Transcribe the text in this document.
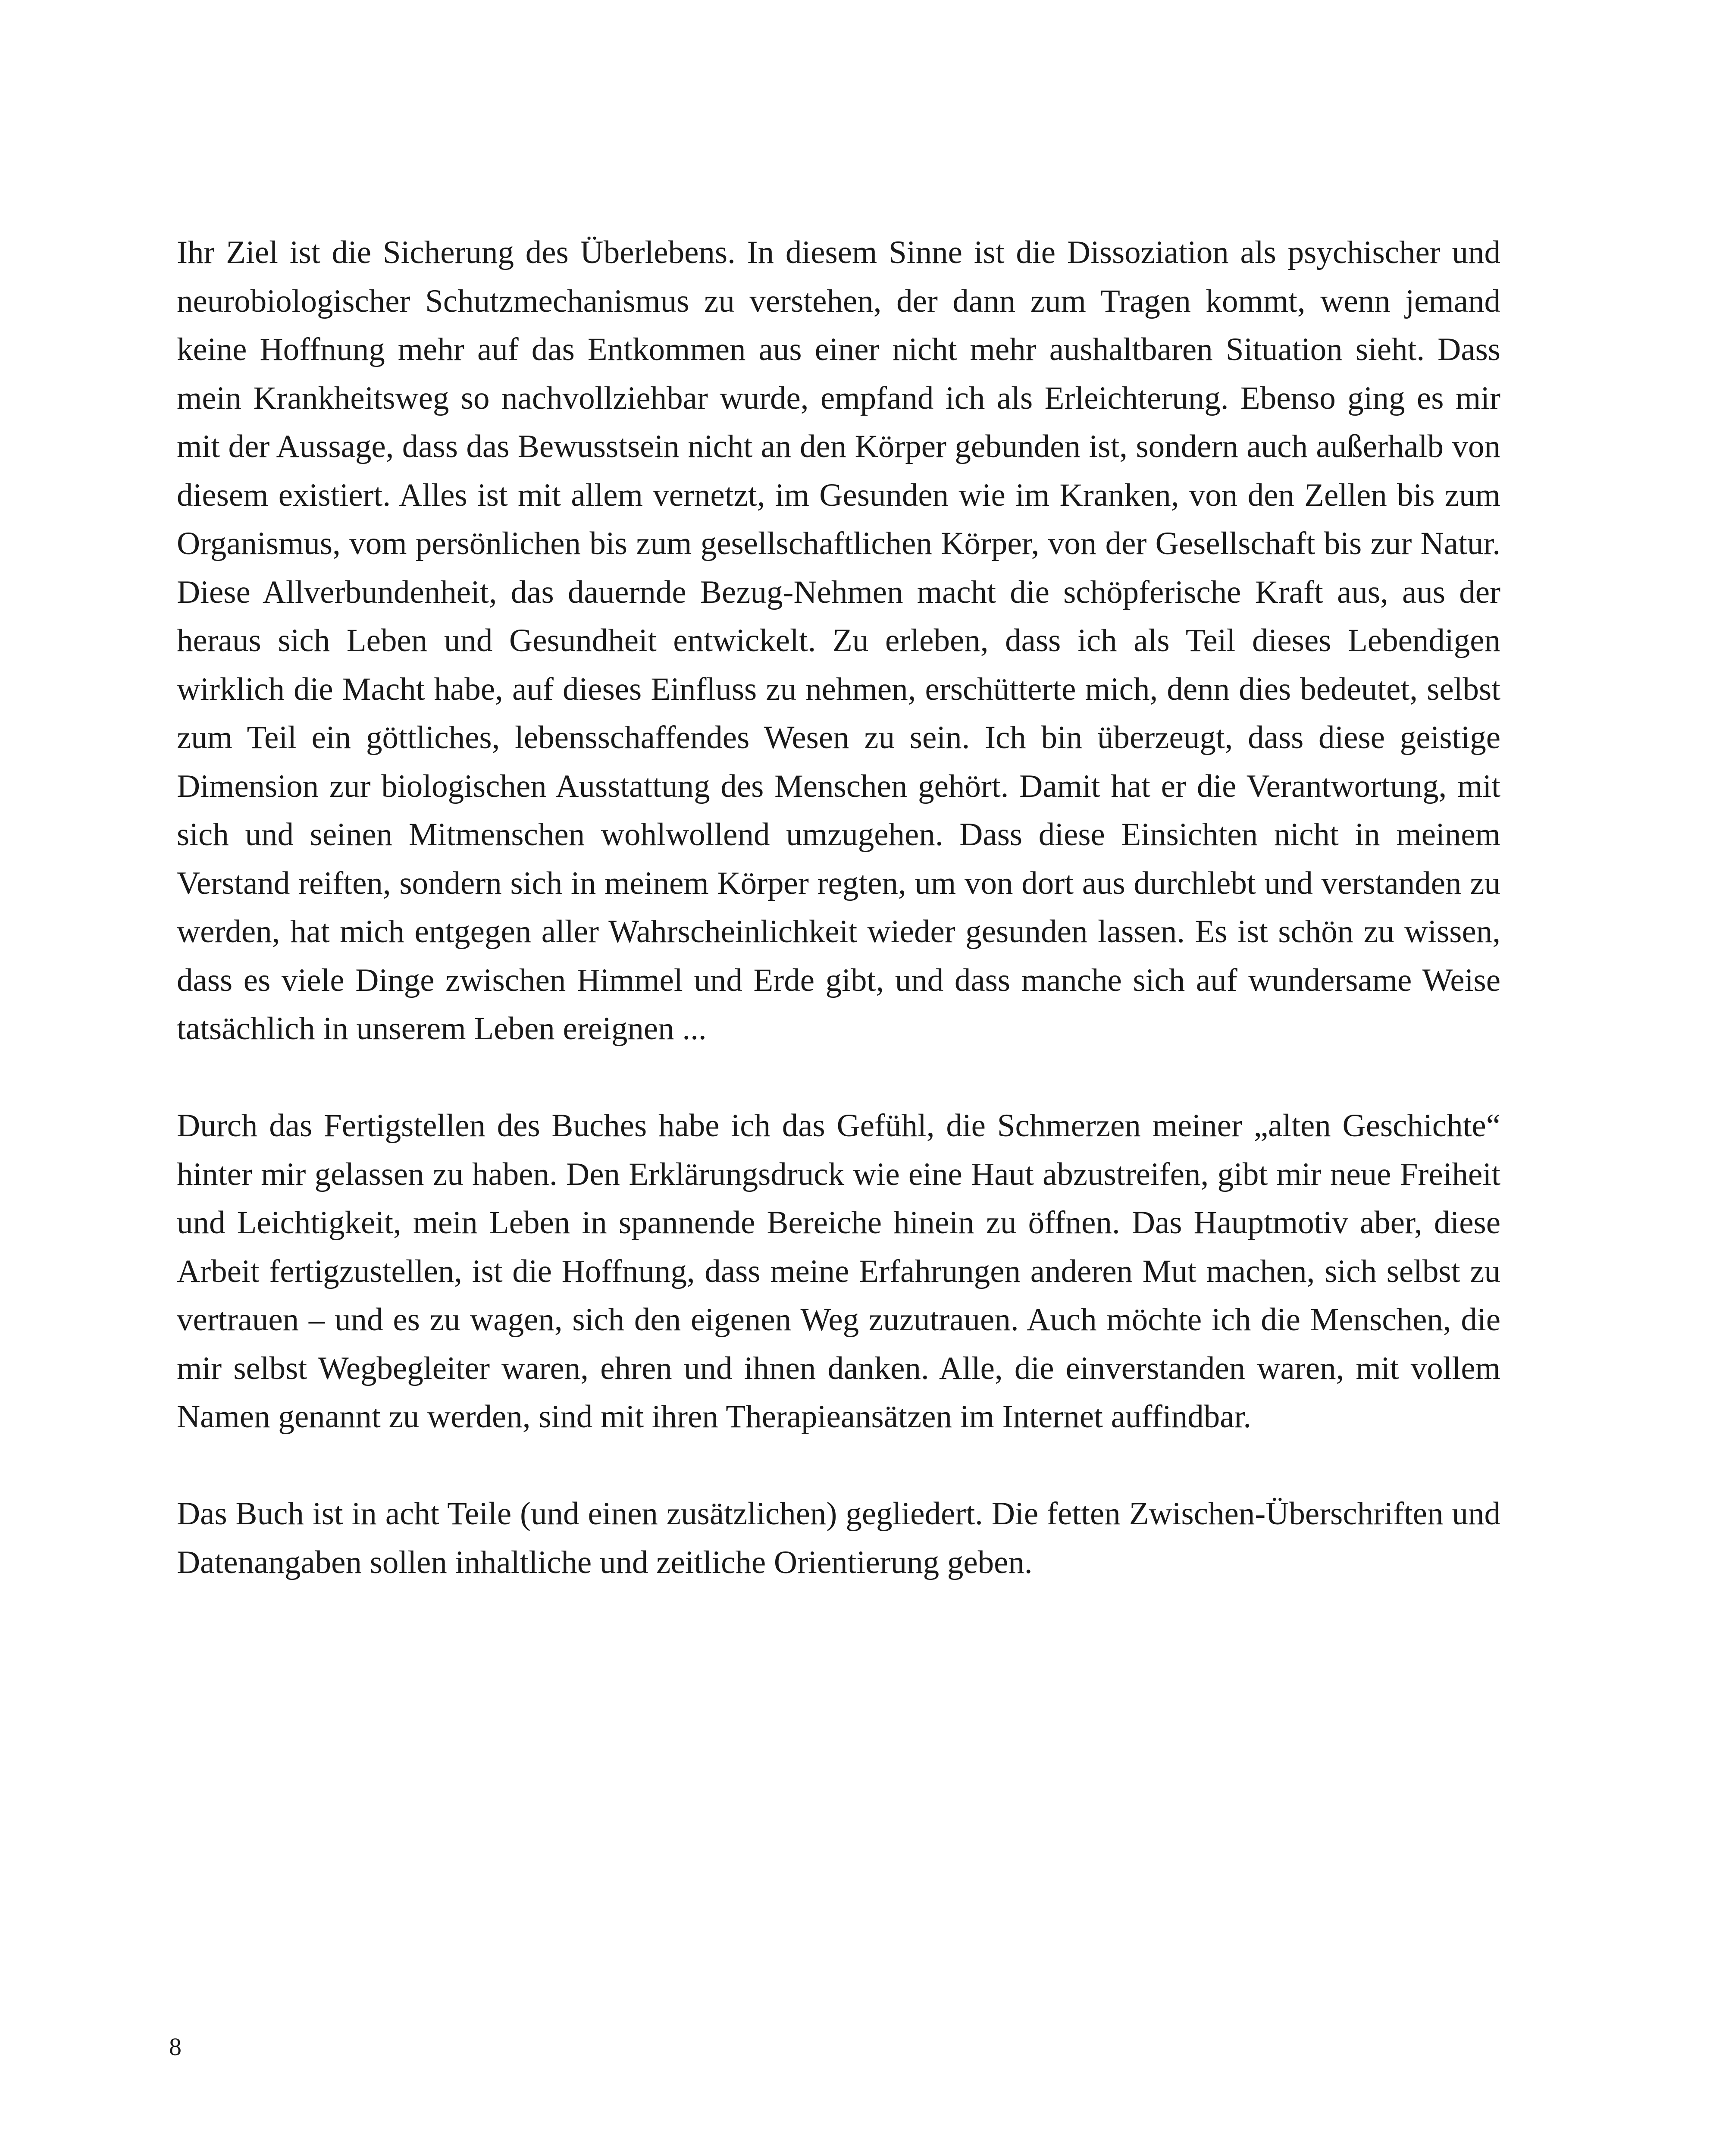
Ihr Ziel ist die Sicherung des Überlebens. In diesem Sinne ist die Dissoziation als psychischer und neurobiologischer Schutzmechanismus zu verstehen, der dann zum Tragen kommt, wenn jemand keine Hoffnung mehr auf das Entkommen aus einer nicht mehr aushaltbaren Situation sieht. Dass mein Krankheitsweg so nachvollziehbar wurde, empfand ich als Erleichterung. Ebenso ging es mir mit der Aussage, dass das Bewusstsein nicht an den Körper gebunden ist, sondern auch außerhalb von diesem existiert. Alles ist mit allem vernetzt, im Gesunden wie im Kranken, von den Zellen bis zum Organismus, vom persönlichen bis zum gesellschaftlichen Körper, von der Gesellschaft bis zur Natur. Diese Allverbundenheit, das dauernde Bezug-Nehmen macht die schöpferische Kraft aus, aus der heraus sich Leben und Gesundheit entwickelt. Zu erleben, dass ich als Teil dieses Lebendigen wirklich die Macht habe, auf dieses Einfluss zu nehmen, erschütterte mich, denn dies bedeutet, selbst zum Teil ein göttliches, lebensschaffendes Wesen zu sein. Ich bin überzeugt, dass diese geistige Dimension zur biologischen Ausstattung des Menschen gehört. Damit hat er die Verantwortung, mit sich und seinen Mitmenschen wohlwollend umzugehen. Dass diese Einsichten nicht in meinem Verstand reiften, sondern sich in meinem Körper regten, um von dort aus durchlebt und verstanden zu werden, hat mich entgegen aller Wahrscheinlichkeit wieder gesunden lassen. Es ist schön zu wissen, dass es viele Dinge zwischen Himmel und Erde gibt, und dass manche sich auf wundersame Weise tatsächlich in unserem Leben ereignen ...

Durch das Fertigstellen des Buches habe ich das Gefühl, die Schmerzen meiner „alten Geschichte“ hinter mir gelassen zu haben. Den Erklärungsdruck wie eine Haut abzustreifen, gibt mir neue Freiheit und Leichtigkeit, mein Leben in spannende Bereiche hinein zu öffnen. Das Hauptmotiv aber, diese Arbeit fertigzustellen, ist die Hoffnung, dass meine Erfahrungen anderen Mut machen, sich selbst zu vertrauen – und es zu wagen, sich den eigenen Weg zuzutrauen. Auch möchte ich die Menschen, die mir selbst Wegbegleiter waren, ehren und ihnen danken. Alle, die einverstanden waren, mit vollem Namen genannt zu werden, sind mit ihren Therapieansätzen im Internet auffindbar.

Das Buch ist in acht Teile (und einen zusätzlichen) gegliedert. Die fetten Zwischen-Überschriften und Datenangaben sollen inhaltliche und zeitliche Orientierung geben.

8
